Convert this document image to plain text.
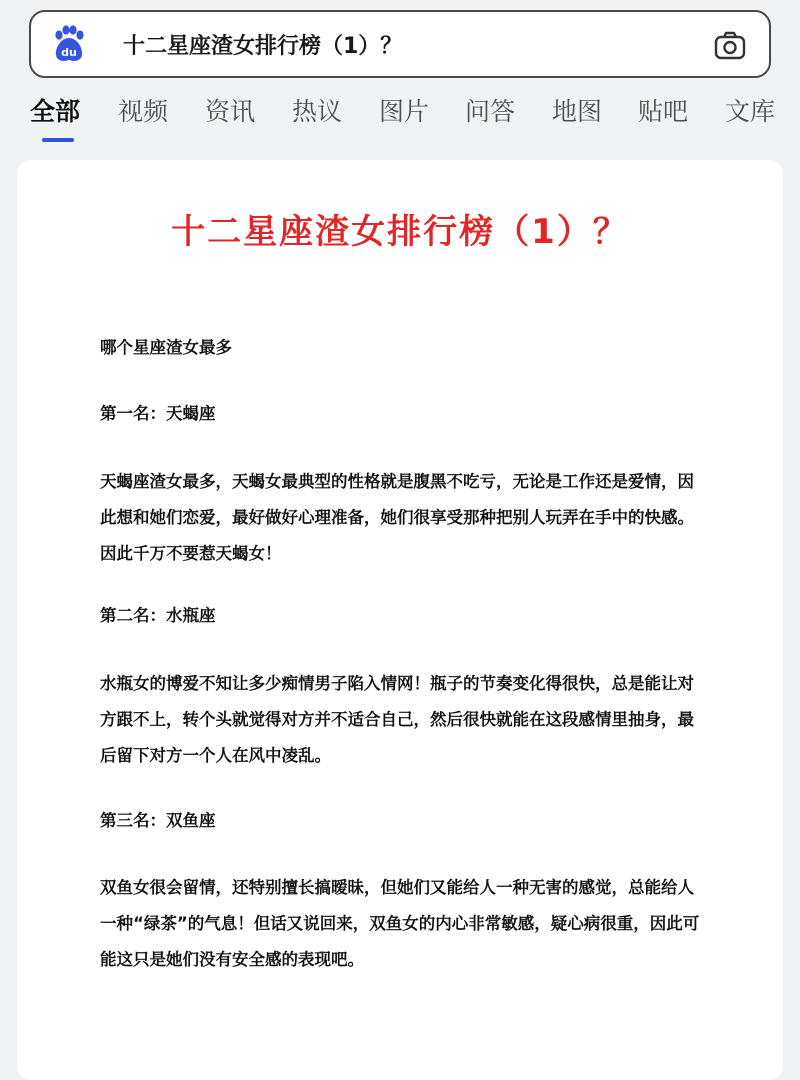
du 十二星座渣女排行榜（1）？
全部 视频 资讯 热议 图片 问答 地图 贴吧 文库
十二星座渣女排行榜（1）？
哪个星座渣女最多
第一名：天蝎座
天蝎座渣女最多，天蝎女最典型的性格就是腹黑不吃亏，无论是工作还是爱情，因此想和她们恋爱，最好做好心理准备，她们很享受那种把别人玩弄在手中的快感。因此千万不要惹天蝎女！
第二名：水瓶座
水瓶女的博爱不知让多少痴情男子陷入情网！瓶子的节奏变化得很快，总是能让对方跟不上，转个头就觉得对方并不适合自己，然后很快就能在这段感情里抽身，最后留下对方一个人在风中凌乱。
第三名：双鱼座
双鱼女很会留情，还特别擅长搞暧昧，但她们又能给人一种无害的感觉，总能给人一种“绿茶”的气息！但话又说回来，双鱼女的内心非常敏感，疑心病很重，因此可能这只是她们没有安全感的表现吧。
